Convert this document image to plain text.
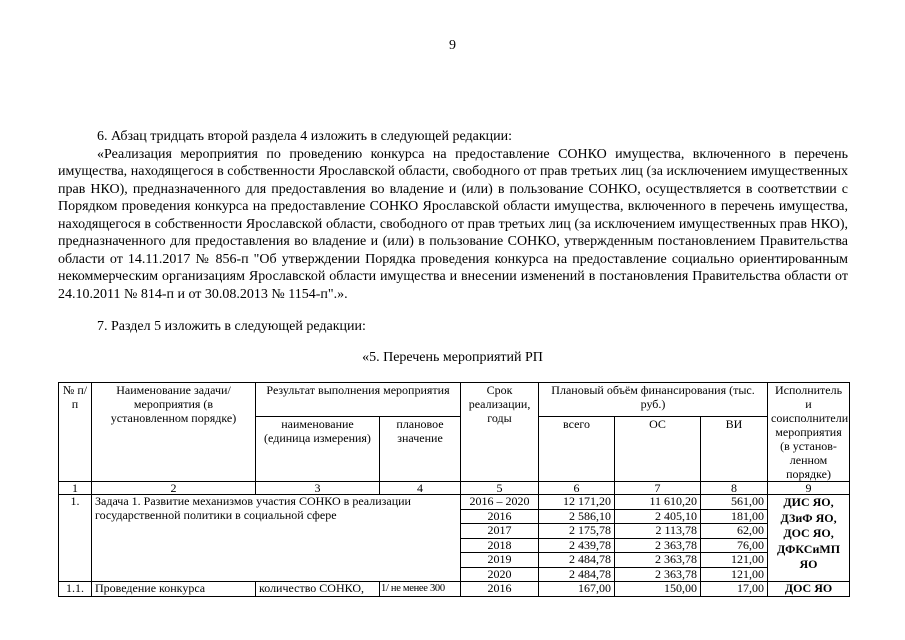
9

6. Абзац тридцать второй раздела 4 изложить в следующей редакции:

«Реализация мероприятия по проведению конкурса на предоставление СОНКО имущества, включенного в перечень имущества, находящегося в собственности Ярославской области, свободного от прав третьих лиц (за исключением имущественных прав НКО), предназначенного для предоставления во владение и (или) в пользование СОНКО, осуществляется в соответствии с Порядком проведения конкурса на предоставление СОНКО Ярославской области имущества, включенного в перечень имущества, находящегося в собственности Ярославской области, свободного от прав третьих лиц (за исключением имущественных прав НКО), предназначенного для предоставления во владение и (или) в пользование СОНКО, утвержденным постановлением Правительства области от 14.11.2017 № 856-п "Об утверждении Порядка проведения конкурса на предоставление социально ориентированным некоммерческим организациям Ярославской области имущества и внесении изменений в постановления Правительства области от 24.10.2011 № 814-п и от 30.08.2013 № 1154-п".».

7. Раздел 5 изложить в следующей редакции:

«5. Перечень мероприятий РП
№ п/п	Наименование задачи/мероприятия (в установленном порядке)	Результат выполнения мероприятия		Срок реализации, годы	Плановый объём финансирования (тыс. руб.)			Исполнитель и соисполнители мероприятия (в установ-ленном порядке)
		наименование (единица измерения)	плановое значение		всего	ОС	ВИ	
1	2	3	4	5	6	7	8	9
1.	Задача 1. Развитие механизмов участия СОНКО в реализации государственной политики в социальной сфере			2016 – 2020	12 171,20	11 610,20	561,00	ДИС ЯО, ДЗиФ ЯО, ДОС ЯО, ДФКСиМП ЯО
				2016	2 586,10	2 405,10	181,00	
				2017	2 175,78	2 113,78	62,00	
				2018	2 439,78	2 363,78	76,00	
				2019	2 484,78	2 363,78	121,00	
				2020	2 484,78	2 363,78	121,00	
1.1.	Проведение конкурса	количество СОНКО,	1/ не менее 300	2016	167,00	150,00	17,00	ДОС ЯО
